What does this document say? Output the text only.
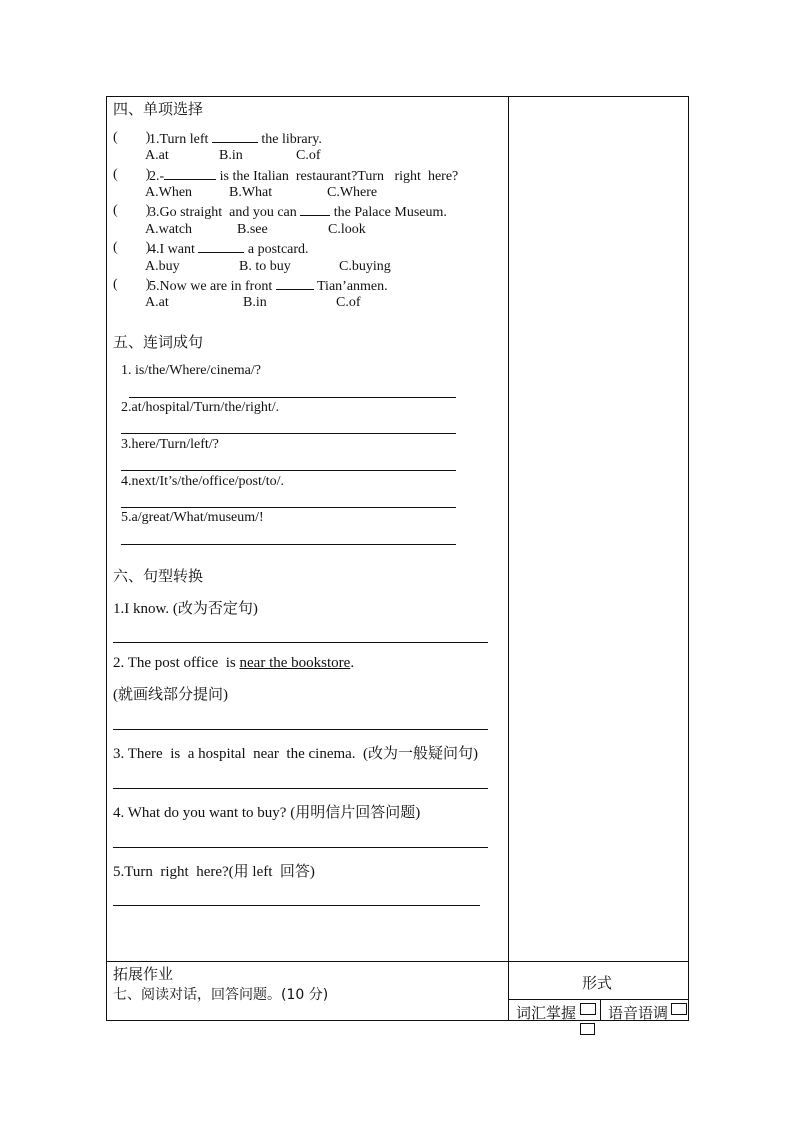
四、单项选择
(        )
1.Turn left	the library.
A.at	B.in	C.of
(        )
2.-	is the Italian  restaurant?Turn   right  here?
A.When	B.What	C.Where
(        )
3.Go straight  and you can	the Palace Museum.
A.watch	B.see	C.look
(        )
4.I want	a postcard.
A.buy	B. to buy	C.buying
(        )
5.Now we are in front	Tian’anmen.
A.at	B.in	C.of
五、连词成句
1. is/the/Where/cinema/?
2.at/hospital/Turn/the/right/.
3.here/Turn/left/?
4.next/It’s/the/office/post/to/.
5.a/great/What/museum/!
六、句型转换
1.I know. (改为否定句)
2. The post office  is near the bookstore.
(就画线部分提问)
3. There  is  a hospital  near  the cinema.  (改为一般疑问句)
4. What do you want to buy? (用明信片回答问题)
5.Turn  right  here?(用 left  回答)
拓展作业
七、阅读对话，回答问题。(10 分)
形式
词汇掌握 语音语调
